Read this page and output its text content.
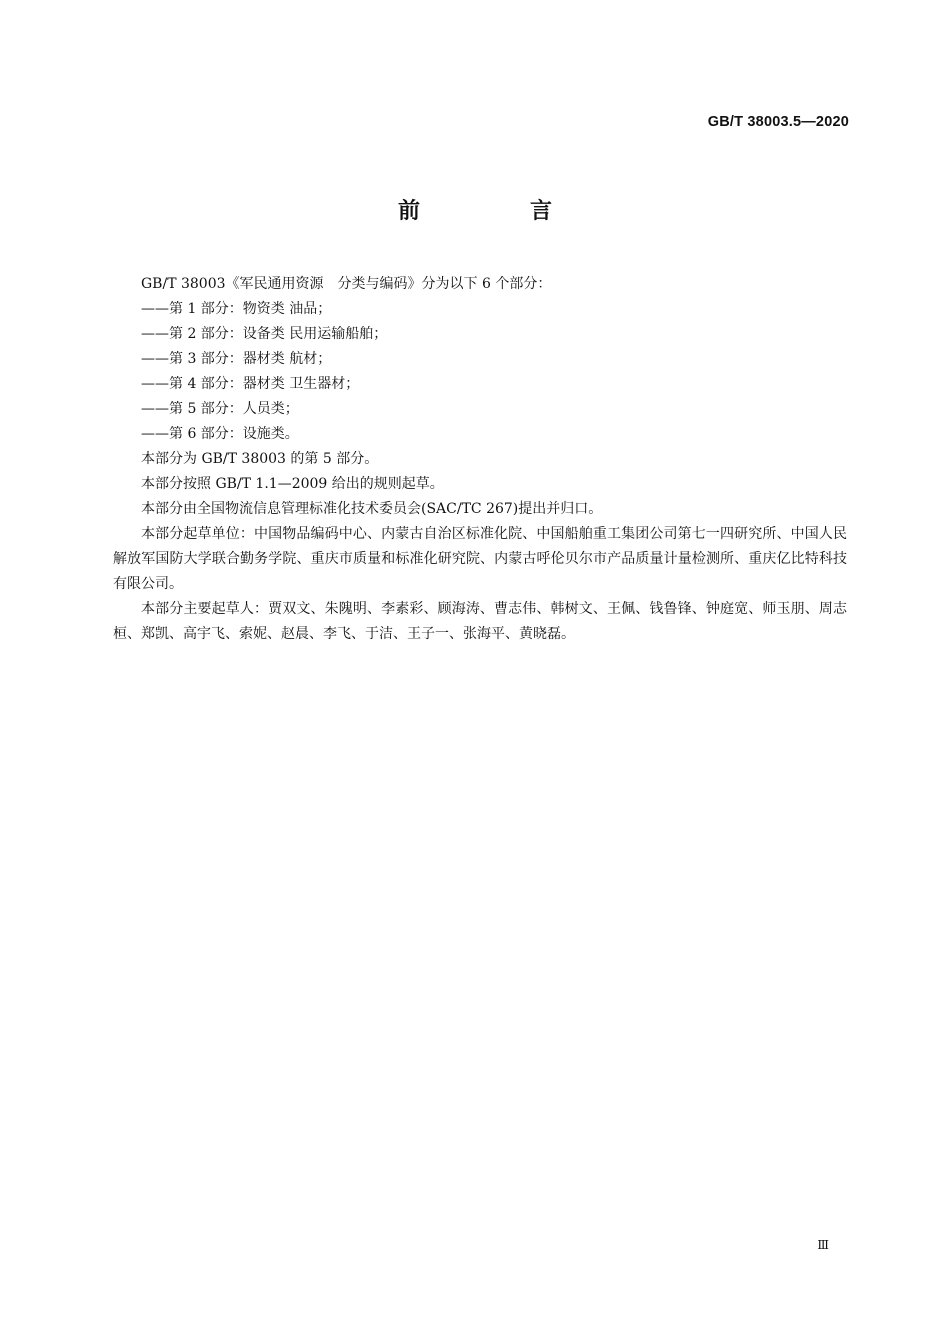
GB/T 38003.5—2020
前　言

GB/T 38003《军民通用资源　分类与编码》分为以下 6 个部分：

——第 1 部分：物资类 油品；

——第 2 部分：设备类 民用运输船舶；

——第 3 部分：器材类 航材；

——第 4 部分：器材类 卫生器材；

——第 5 部分：人员类；

——第 6 部分：设施类。

本部分为 GB/T 38003 的第 5 部分。

本部分按照 GB/T 1.1—2009 给出的规则起草。

本部分由全国物流信息管理标准化技术委员会(SAC/TC 267)提出并归口。

本部分起草单位：中国物品编码中心、内蒙古自治区标准化院、中国船舶重工集团公司第七一四研究所、中国人民解放军国防大学联合勤务学院、重庆市质量和标准化研究院、内蒙古呼伦贝尔市产品质量计量检测所、重庆亿比特科技有限公司。

本部分主要起草人：贾双文、朱隗明、李素彩、顾海涛、曹志伟、韩树文、王佩、钱鲁锋、钟庭宽、师玉朋、周志桓、郑凯、高宇飞、索妮、赵晨、李飞、于洁、王子一、张海平、黄晓磊。

Ⅲ
